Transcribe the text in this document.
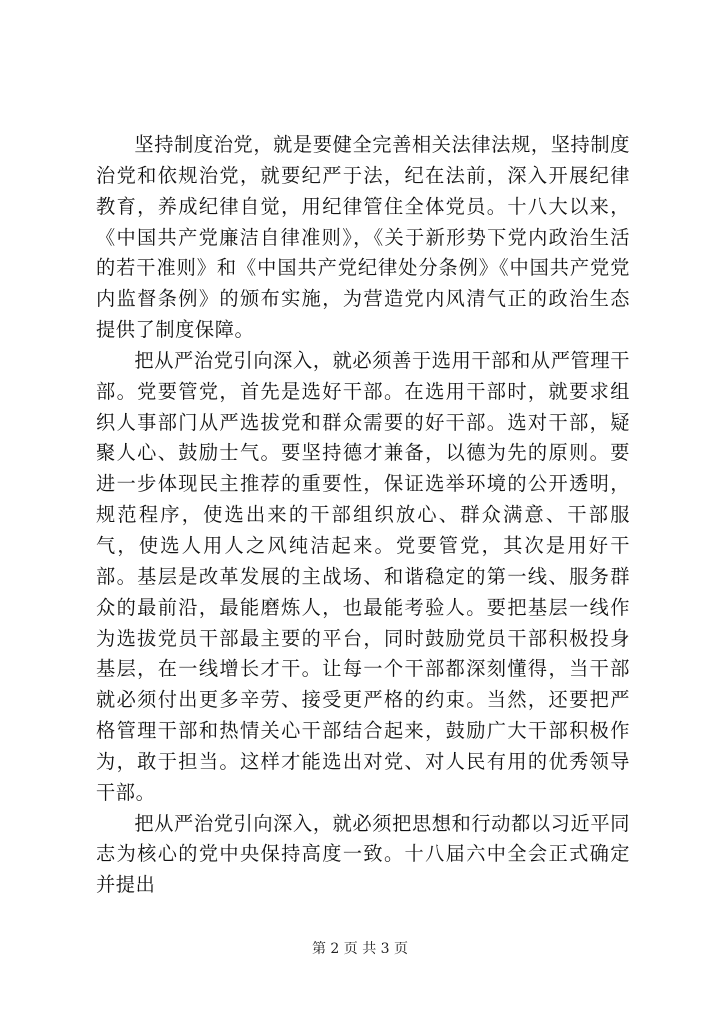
坚持制度治党，就是要健全完善相关法律法规，坚持制度治党和依规治党，就要纪严于法，纪在法前，深入开展纪律教育，养成纪律自觉，用纪律管住全体党员。十八大以来，《中国共产党廉洁自律准则》，《关于新形势下党内政治生活的若干准则》和《中国共产党纪律处分条例》《中国共产党党内监督条例》的颁布实施，为营造党内风清气正的政治生态提供了制度保障。

把从严治党引向深入，就必须善于选用干部和从严管理干部。党要管党，首先是选好干部。在选用干部时，就要求组织人事部门从严选拔党和群众需要的好干部。选对干部，疑聚人心、鼓励士气。要坚持德才兼备，以德为先的原则。要进一步体现民主推荐的重要性，保证选举环境的公开透明，规范程序，使选出来的干部组织放心、群众满意、干部服气，使选人用人之风纯洁起来。党要管党，其次是用好干部。基层是改革发展的主战场、和谐稳定的第一线、服务群众的最前沿，最能磨炼人，也最能考验人。要把基层一线作为选拔党员干部最主要的平台，同时鼓励党员干部积极投身基层，在一线增长才干。让每一个干部都深刻懂得，当干部就必须付出更多辛劳、接受更严格的约束。当然，还要把严格管理干部和热情关心干部结合起来，鼓励广大干部积极作为，敢于担当。这样才能选出对党、对人民有用的优秀领导干部。

把从严治党引向深入，就必须把思想和行动都以习近平同志为核心的党中央保持高度一致。十八届六中全会正式确定并提出

第 2 页 共 3 页
